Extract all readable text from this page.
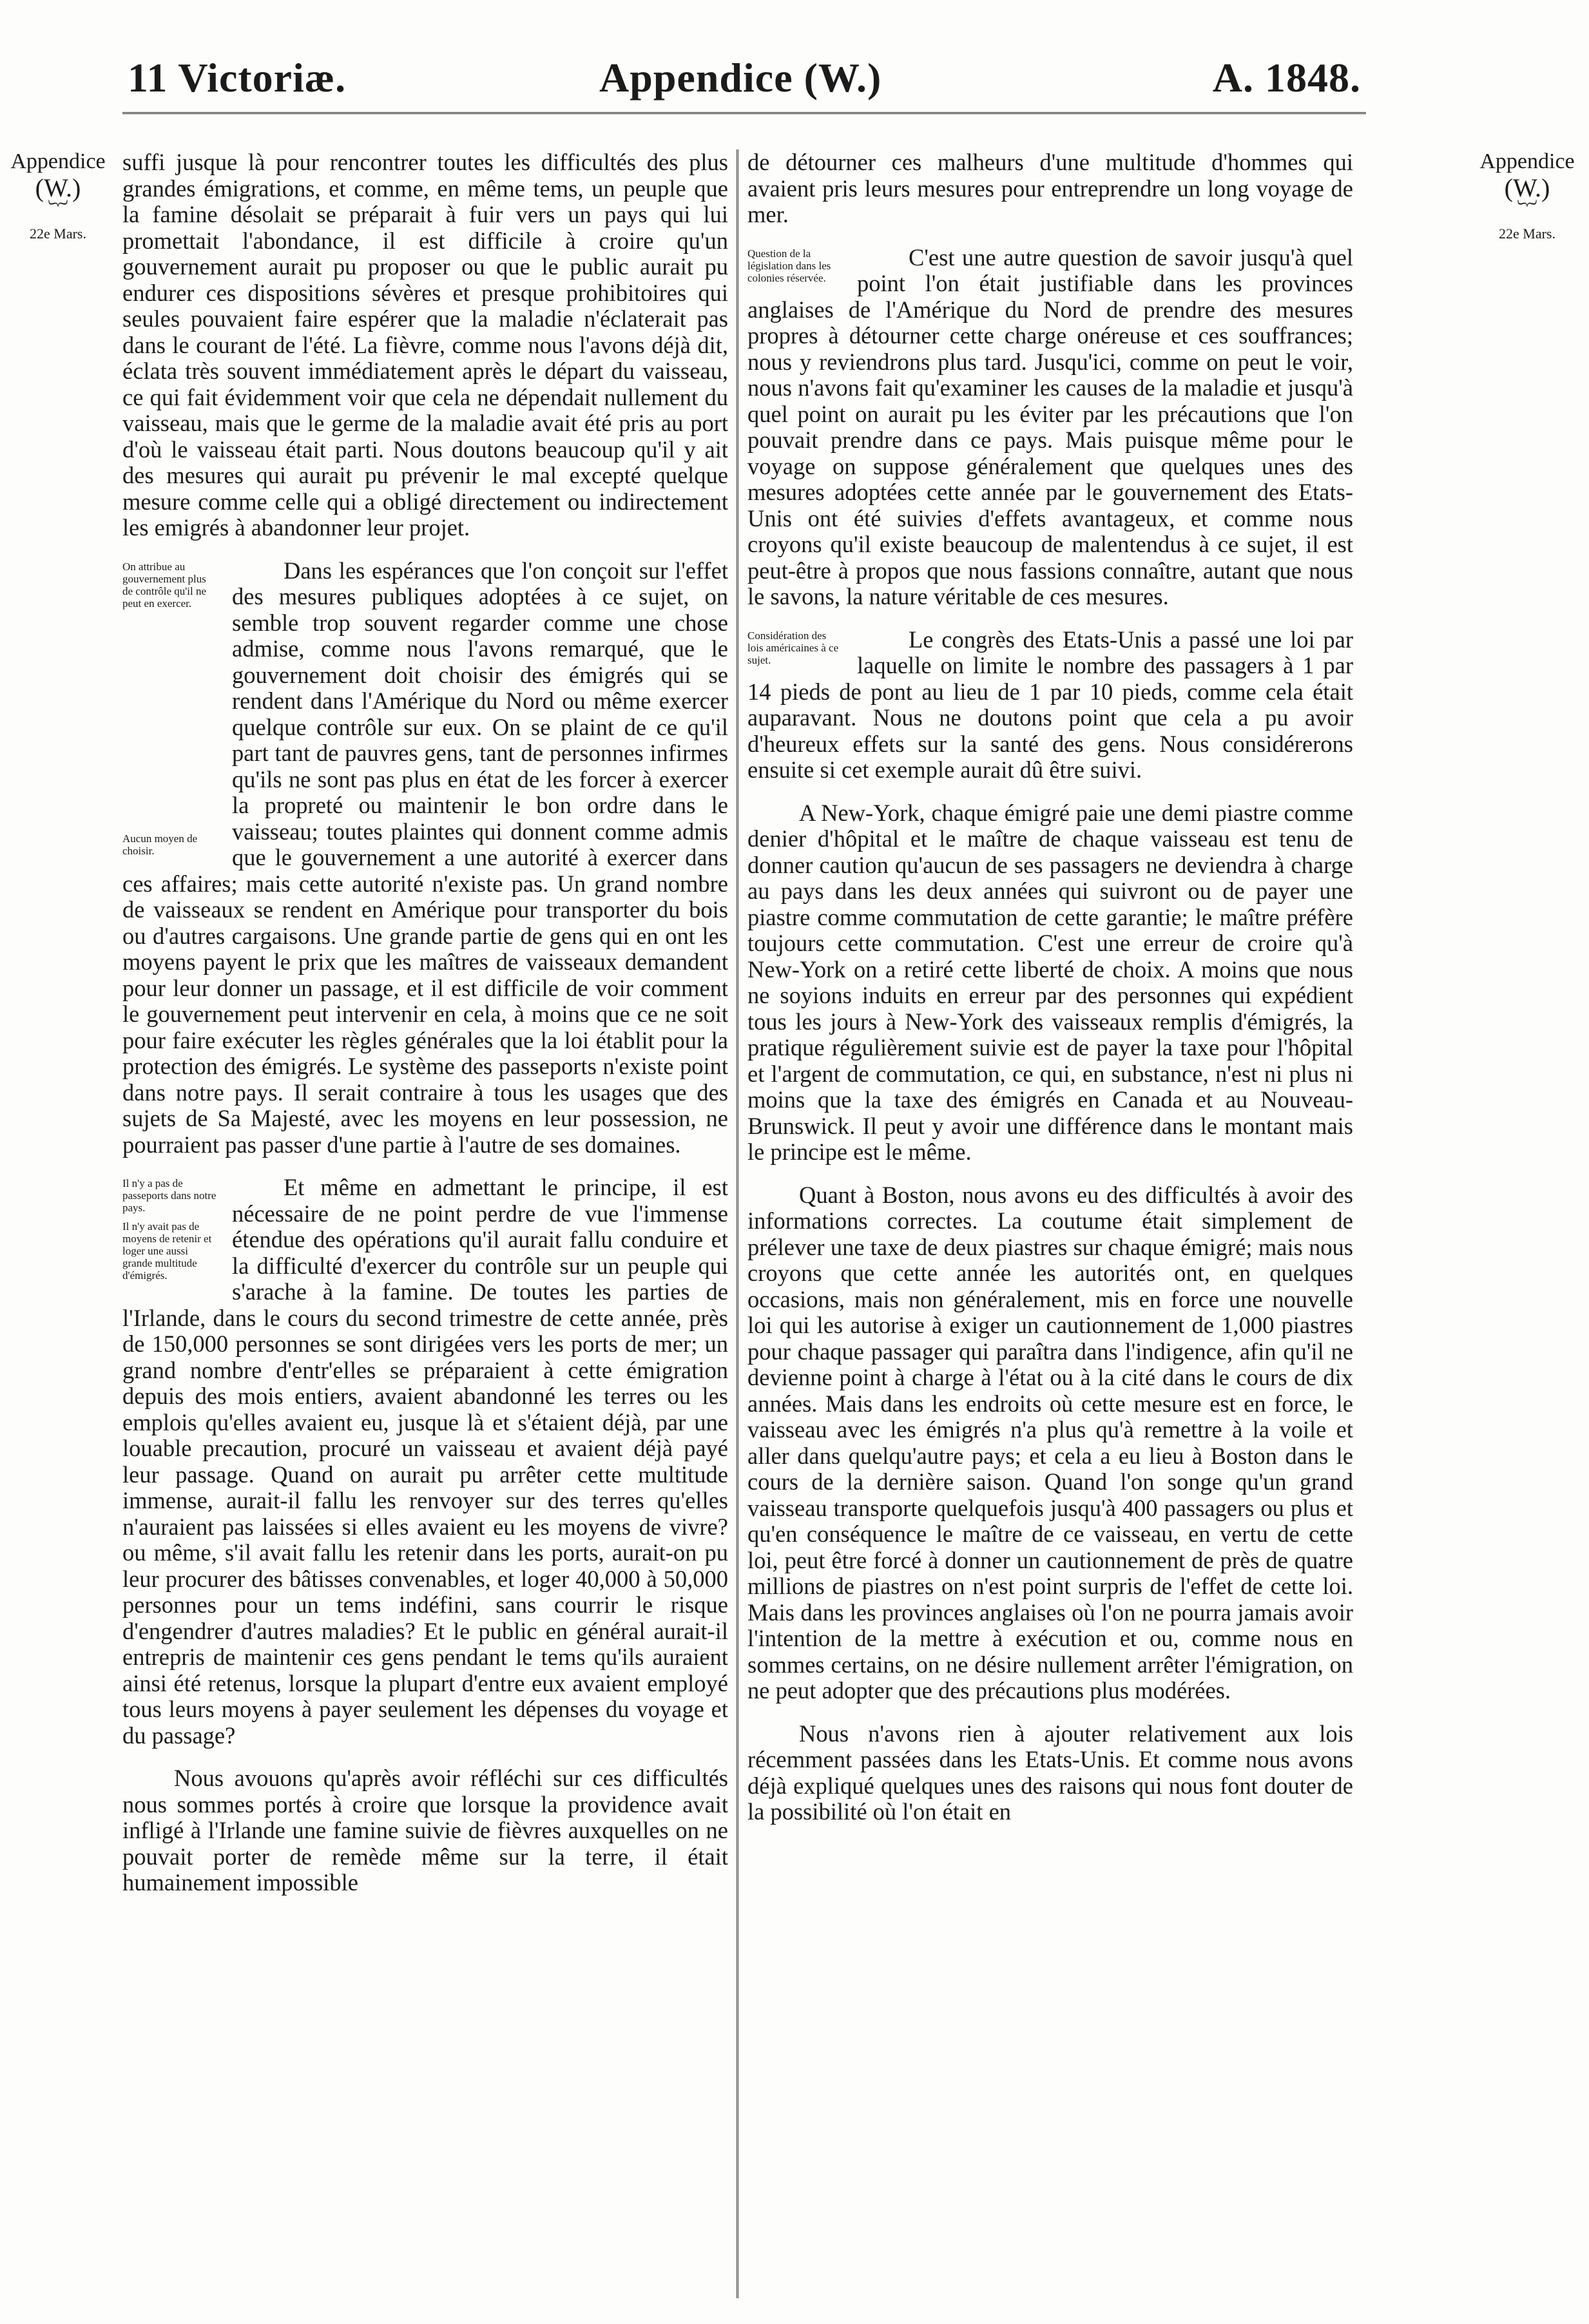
11 Victoriæ.	Appendice (W.)	A. 1848.
Appendice
(W.)
︸
22e Mars.
Appendice
(W.)
︸
22e Mars.

suffi jusque là pour rencontrer toutes les difficultés des plus grandes émigrations, et comme, en même tems, un peuple que la famine désolait se préparait à fuir vers un pays qui lui promettait l'abondance, il est difficile à croire qu'un gouvernement aurait pu proposer ou que le public aurait pu endurer ces dispositions sévères et presque prohibitoires qui seules pouvaient faire espérer que la maladie n'éclaterait pas dans le courant de l'été. La fièvre, comme nous l'avons déjà dit, éclata très souvent immédiatement après le départ du vaisseau, ce qui fait évidemment voir que cela ne dépendait nullement du vaisseau, mais que le germe de la maladie avait été pris au port d'où le vaisseau était parti. Nous doutons beaucoup qu'il y ait des mesures qui aurait pu prévenir le mal excepté quelque mesure comme celle qui a obligé directement ou indirectement les emigrés à abandonner leur projet.

On attribue au gouvernement plus de contrôle qu'il ne peut en exercer.
Aucun moyen de choisir.

Dans les espérances que l'on conçoit sur l'effet des mesures publiques adoptées à ce sujet, on semble trop souvent regarder comme une chose admise, comme nous l'avons remarqué, que le gouvernement doit choisir des émigrés qui se rendent dans l'Amérique du Nord ou même exercer quelque contrôle sur eux. On se plaint de ce qu'il part tant de pauvres gens, tant de personnes infirmes qu'ils ne sont pas plus en état de les forcer à exercer la propreté ou maintenir le bon ordre dans le vaisseau; toutes plaintes qui donnent comme admis que le gouvernement a une autorité à exercer dans ces affaires; mais cette autorité n'existe pas. Un grand nombre de vaisseaux se rendent en Amérique pour transporter du bois ou d'autres cargaisons. Une grande partie de gens qui en ont les moyens payent le prix que les maîtres de vaisseaux demandent pour leur donner un passage, et il est difficile de voir comment le gouvernement peut intervenir en cela, à moins que ce ne soit pour faire exécuter les règles générales que la loi établit pour la protection des émigrés. Le système des passeports n'existe point dans notre pays. Il serait contraire à tous les usages que des sujets de Sa Majesté, avec les moyens en leur possession, ne pourraient pas passer d'une partie à l'autre de ses domaines.

Il n'y a pas de passeports dans notre pays.
Il n'y avait pas de moyens de retenir et loger une aussi grande multitude d'émigrés.

Et même en admettant le principe, il est nécessaire de ne point perdre de vue l'immense étendue des opérations qu'il aurait fallu conduire et la difficulté d'exercer du contrôle sur un peuple qui s'arache à la famine. De toutes les parties de l'Irlande, dans le cours du second trimestre de cette année, près de 150,000 personnes se sont dirigées vers les ports de mer; un grand nombre d'entr'elles se préparaient à cette émigration depuis des mois entiers, avaient abandonné les terres ou les emplois qu'elles avaient eu, jusque là et s'étaient déjà, par une louable precaution, procuré un vaisseau et avaient déjà payé leur passage. Quand on aurait pu arrêter cette multitude immense, aurait-il fallu les renvoyer sur des terres qu'elles n'auraient pas laissées si elles avaient eu les moyens de vivre? ou même, s'il avait fallu les retenir dans les ports, aurait-on pu leur procurer des bâtisses convenables, et loger 40,000 à 50,000 personnes pour un tems indéfini, sans courrir le risque d'engendrer d'autres maladies? Et le public en général aurait-il entrepris de maintenir ces gens pendant le tems qu'ils auraient ainsi été retenus, lorsque la plupart d'entre eux avaient employé tous leurs moyens à payer seulement les dépenses du voyage et du passage?

Nous avouons qu'après avoir réfléchi sur ces difficultés nous sommes portés à croire que lorsque la providence avait infligé à l'Irlande une famine suivie de fièvres auxquelles on ne pouvait porter de remède même sur la terre, il était humainement impossible

de détourner ces malheurs d'une multitude d'hommes qui avaient pris leurs mesures pour entreprendre un long voyage de mer.

Question de la législation dans les colonies réservée.

C'est une autre question de savoir jusqu'à quel point l'on était justifiable dans les provinces anglaises de l'Amérique du Nord de prendre des mesures propres à détourner cette charge onéreuse et ces souffrances; nous y reviendrons plus tard. Jusqu'ici, comme on peut le voir, nous n'avons fait qu'examiner les causes de la maladie et jusqu'à quel point on aurait pu les éviter par les précautions que l'on pouvait prendre dans ce pays. Mais puisque même pour le voyage on suppose généralement que quelques unes des mesures adoptées cette année par le gouvernement des Etats-Unis ont été suivies d'effets avantageux, et comme nous croyons qu'il existe beaucoup de malentendus à ce sujet, il est peut-être à propos que nous fassions connaître, autant que nous le savons, la nature véritable de ces mesures.

Considération des lois américaines à ce sujet.

Le congrès des Etats-Unis a passé une loi par laquelle on limite le nombre des passagers à 1 par 14 pieds de pont au lieu de 1 par 10 pieds, comme cela était auparavant. Nous ne doutons point que cela a pu avoir d'heureux effets sur la santé des gens. Nous considérerons ensuite si cet exemple aurait dû être suivi.

A New-York, chaque émigré paie une demi piastre comme denier d'hôpital et le maître de chaque vaisseau est tenu de donner caution qu'aucun de ses passagers ne deviendra à charge au pays dans les deux années qui suivront ou de payer une piastre comme commutation de cette garantie; le maître préfère toujours cette commutation. C'est une erreur de croire qu'à New-York on a retiré cette liberté de choix. A moins que nous ne soyions induits en erreur par des personnes qui expédient tous les jours à New-York des vaisseaux remplis d'émigrés, la pratique régulièrement suivie est de payer la taxe pour l'hôpital et l'argent de commutation, ce qui, en substance, n'est ni plus ni moins que la taxe des émigrés en Canada et au Nouveau-Brunswick. Il peut y avoir une différence dans le montant mais le principe est le même.

Quant à Boston, nous avons eu des difficultés à avoir des informations correctes. La coutume était simplement de prélever une taxe de deux piastres sur chaque émigré; mais nous croyons que cette année les autorités ont, en quelques occasions, mais non généralement, mis en force une nouvelle loi qui les autorise à exiger un cautionnement de 1,000 piastres pour chaque passager qui paraîtra dans l'indigence, afin qu'il ne devienne point à charge à l'état ou à la cité dans le cours de dix années. Mais dans les endroits où cette mesure est en force, le vaisseau avec les émigrés n'a plus qu'à remettre à la voile et aller dans quelqu'autre pays; et cela a eu lieu à Boston dans le cours de la dernière saison. Quand l'on songe qu'un grand vaisseau transporte quelquefois jusqu'à 400 passagers ou plus et qu'en conséquence le maître de ce vaisseau, en vertu de cette loi, peut être forcé à donner un cautionnement de près de quatre millions de piastres on n'est point surpris de l'effet de cette loi. Mais dans les provinces anglaises où l'on ne pourra jamais avoir l'intention de la mettre à exécution et ou, comme nous en sommes certains, on ne désire nullement arrêter l'émigration, on ne peut adopter que des précautions plus modérées.

Nous n'avons rien à ajouter relativement aux lois récemment passées dans les Etats-Unis. Et comme nous avons déjà expliqué quelques unes des raisons qui nous font douter de la possibilité où l'on était en
